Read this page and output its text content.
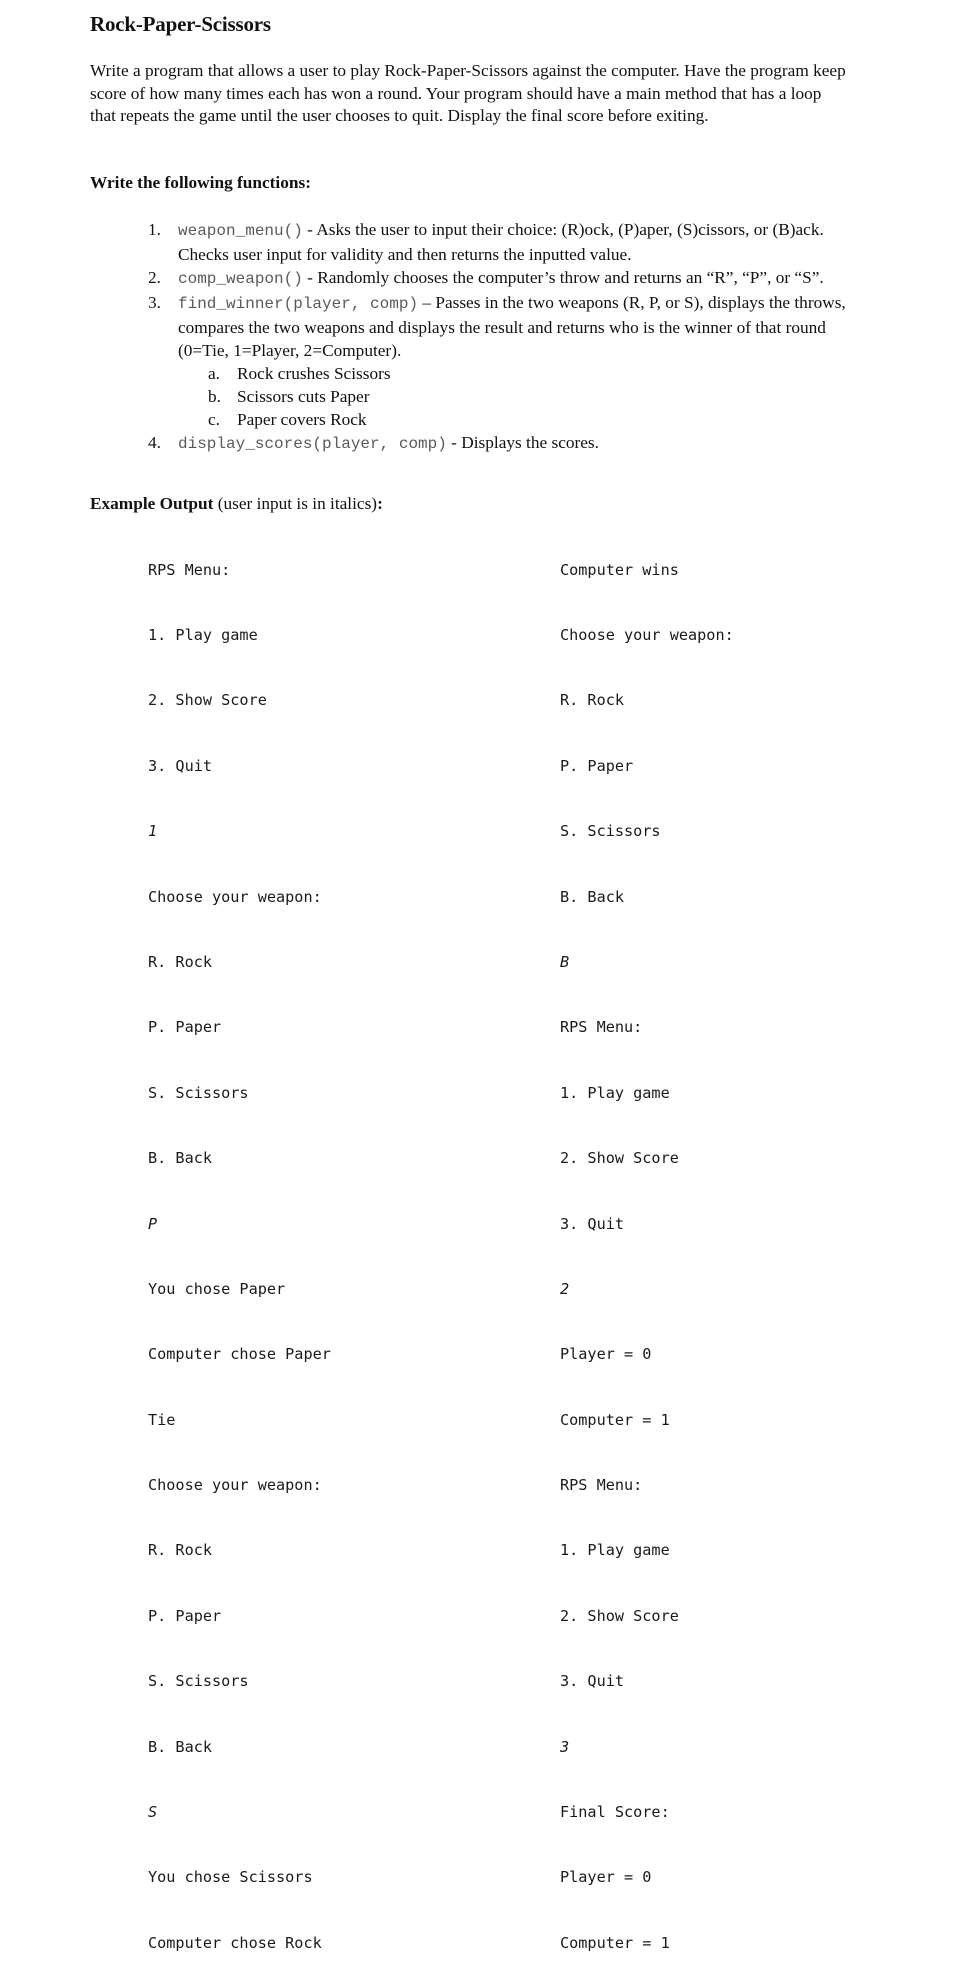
Rock-Paper-Scissors

Write a program that allows a user to play Rock-Paper-Scissors against the computer. Have the program keep score of how many times each has won a round. Your program should have a main method that has a loop that repeats the game until the user chooses to quit. Display the final score before exiting.

Write the following functions:

1. weapon_menu() - Asks the user to input their choice: (R)ock, (P)aper, (S)cissors, or (B)ack. Checks user input for validity and then returns the inputted value.
2. comp_weapon() - Randomly chooses the computer’s throw and returns an “R”, “P”, or “S”.
3. find_winner(player, comp) – Passes in the two weapons (R, P, or S), displays the throws, compares the two weapons and displays the result and returns who is the winner of that round (0=Tie, 1=Player, 2=Computer).
a. Rock crushes Scissors
b. Scissors cuts Paper
c. Paper covers Rock
4. display_scores(player, comp) - Displays the scores.

Example Output (user input is in italics):

RPS Menu:

1. Play game

2. Show Score

3. Quit

1

Choose your weapon:

R. Rock

P. Paper

S. Scissors

B. Back

P

You chose Paper

Computer chose Paper

Tie

Choose your weapon:

R. Rock

P. Paper

S. Scissors

B. Back

S

You chose Scissors

Computer chose Rock

Computer wins

Choose your weapon:

R. Rock

P. Paper

S. Scissors

B. Back

B

RPS Menu:

1. Play game

2. Show Score

3. Quit

2

Player = 0

Computer = 1

RPS Menu:

1. Play game

2. Show Score

3. Quit

3

Final Score:

Player = 0

Computer = 1
